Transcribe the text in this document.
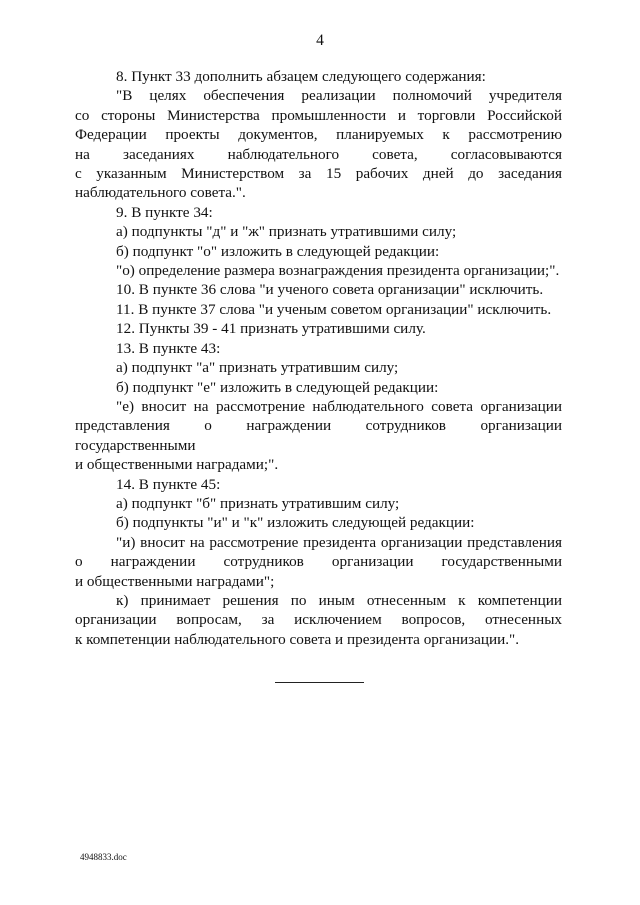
4

8. Пункт 33 дополнить абзацем следующего содержания:

"В целях обеспечения реализации полномочий учредителя

со стороны Министерства промышленности и торговли Российской

Федерации проекты документов, планируемых к рассмотрению

на заседаниях наблюдательного совета, согласовываются

с указанным Министерством за 15 рабочих дней до заседания

наблюдательного совета.".

9. В пункте 34:

а) подпункты "д" и "ж" признать утратившими силу;

б) подпункт "о" изложить в следующей редакции:

"о) определение размера вознаграждения президента организации;".

10. В пункте 36 слова "и ученого совета организации" исключить.

11. В пункте 37 слова "и ученым советом организации" исключить.

12. Пункты 39 - 41 признать утратившими силу.

13. В пункте 43:

а) подпункт "а" признать утратившим силу;

б) подпункт "е" изложить в следующей редакции:

"е) вносит на рассмотрение наблюдательного совета организации

представления о награждении сотрудников организации государственными

и общественными наградами;".

14. В пункте 45:

а) подпункт "б" признать утратившим силу;

б) подпункты "и" и "к" изложить следующей редакции:

"и) вносит на рассмотрение президента организации представления

о награждении сотрудников организации государственными

и общественными наградами";

к) принимает решения по иным отнесенным к компетенции

организации вопросам, за исключением вопросов, отнесенных

к компетенции наблюдательного совета и президента организации.".

4948833.doc
